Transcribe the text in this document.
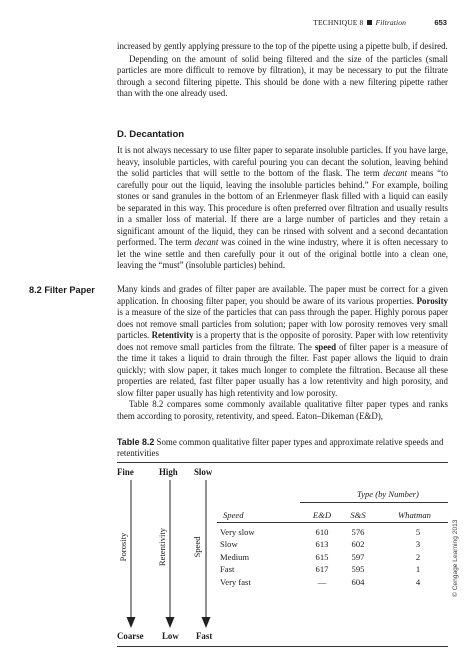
TECHNIQUE 8 Filtration	653

increased by gently applying pressure to the top of the pipette using a pipette bulb, if desired.

Depending on the amount of solid being filtered and the size of the particles (small particles are more difficult to remove by filtration), it may be necessary to put the filtrate through a second filtering pipette. This should be done with a new filtering pipette rather than with the one already used.

D. Decantation

It is not always necessary to use filter paper to separate insoluble particles. If you have large, heavy, insoluble particles, with careful pouring you can decant the solution, leaving behind the solid particles that will settle to the bottom of the flask. The term decant means “to carefully pour out the liquid, leaving the insoluble particles behind.” For example, boiling stones or sand granules in the bottom of an Erlenmeyer flask filled with a liquid can easily be separated in this way. This procedure is often preferred over filtration and usually results in a smaller loss of material. If there are a large number of particles and they retain a significant amount of the liquid, they can be rinsed with solvent and a second decantation performed. The term decant was coined in the wine industry, where it is often necessary to let the wine settle and then carefully pour it out of the original bottle into a clean one, leaving the “must” (insoluble particles) behind.

8.2 Filter Paper Many kinds and grades of filter paper are available. The paper must be correct for a given application. In choosing filter paper, you should be aware of its various properties. Porosity is a measure of the size of the particles that can pass through the paper. Highly porous paper does not remove small particles from solution; paper with low porosity removes very small particles. Retentivity is a property that is the opposite of porosity. Paper with low retentivity does not remove small particles from the filtrate. The speed of filter paper is a measure of the time it takes a liquid to drain through the filter. Fast paper allows the liquid to drain quickly; with slow paper, it takes much longer to complete the filtration. Because all these properties are related, fast filter paper usually has a low retentivity and high porosity, and slow filter paper usually has high retentivity and low porosity.

Table 8.2 compares some commonly available qualitative filter paper types and ranks them according to porosity, retentivity, and speed. Eaton–Dikeman (E&D),

Table 8.2 Some common qualitative filter paper types and approximate relative speeds and retentivities
Fine	High Slow
Porosity	Retentivity	Speed
Coarse Low Fast
Type (by Number)
Speed	E&D	S&S	Whatman
Very slow	610	576	5
Slow	613	602	3
Medium	615	597	2
Fast	617	595	1
Very fast	—	604	4	© Cengage Learning 2013
